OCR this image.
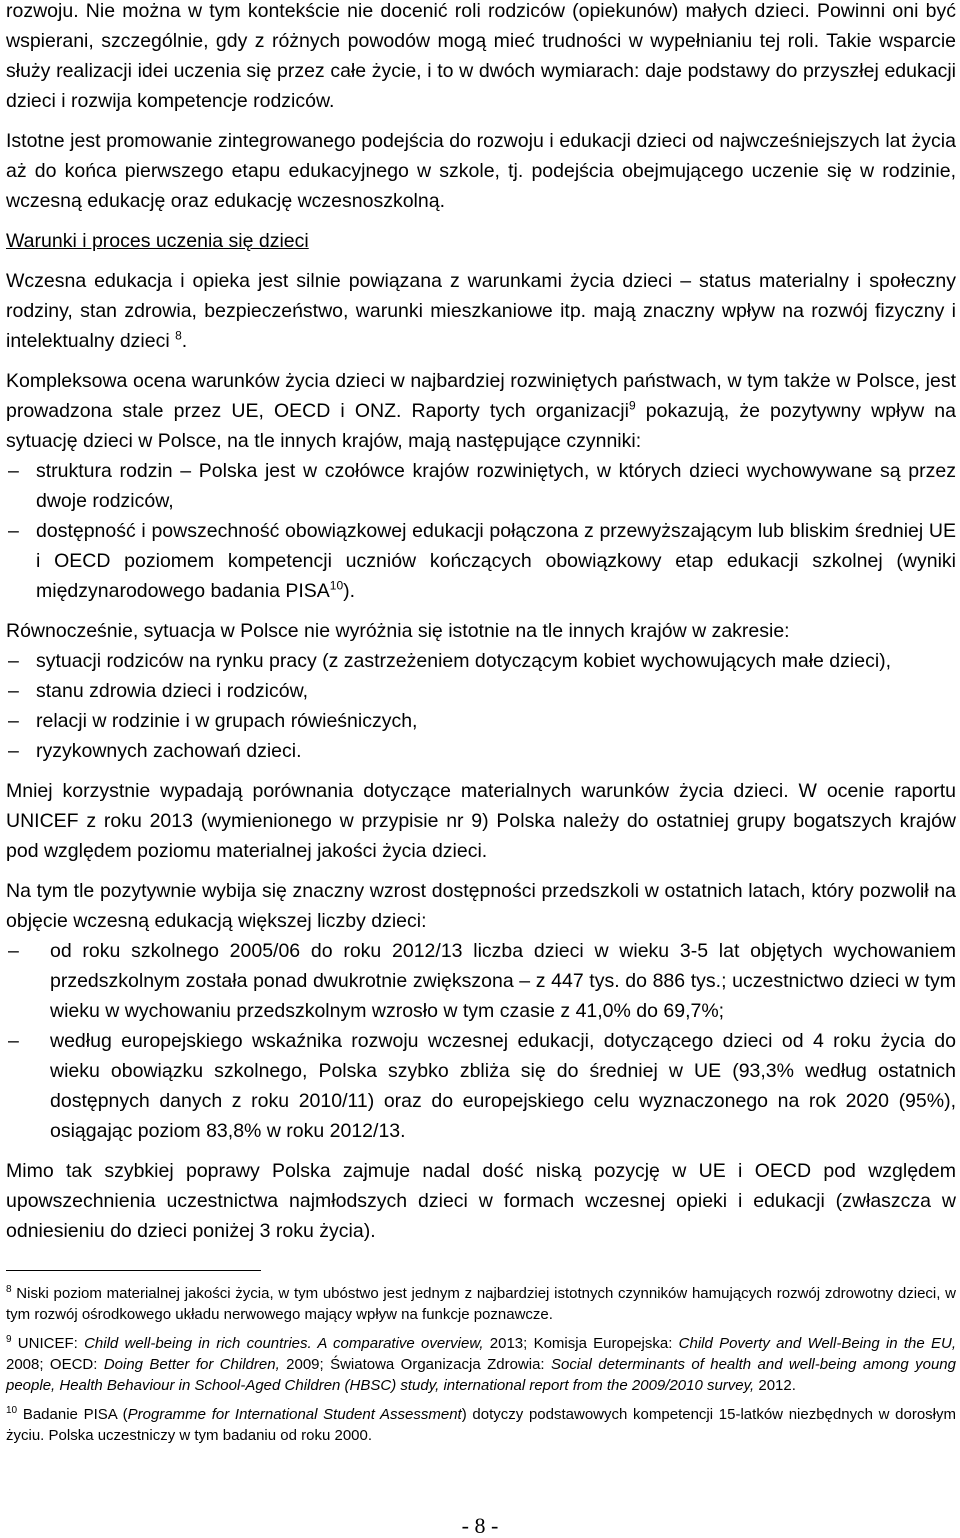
rozwoju. Nie można w tym kontekście nie docenić roli rodziców (opiekunów) małych dzieci. Powinni oni być wspierani, szczególnie, gdy z różnych powodów mogą mieć trudności w wypełnianiu tej roli. Takie wsparcie służy realizacji idei uczenia się przez całe życie, i to w dwóch wymiarach: daje podstawy do przyszłej edukacji dzieci i rozwija kompetencje rodziców.

Istotne jest promowanie zintegrowanego podejścia do rozwoju i edukacji dzieci od najwcześniejszych lat życia aż do końca pierwszego etapu edukacyjnego w szkole, tj. podejścia obejmującego uczenie się w rodzinie, wczesną edukację oraz edukację wczesnoszkolną.

Warunki i proces uczenia się dzieci

Wczesna edukacja i opieka jest silnie powiązana z warunkami życia dzieci – status materialny i społeczny rodziny, stan zdrowia, bezpieczeństwo, warunki mieszkaniowe itp. mają znaczny wpływ na rozwój fizyczny i intelektualny dzieci $^8$.

Kompleksowa ocena warunków życia dzieci w najbardziej rozwiniętych państwach, w tym także w Polsce, jest prowadzona stale przez UE, OECD i ONZ. Raporty tych organizacji$^9$ pokazują, że pozytywny wpływ na sytuację dzieci w Polsce, na tle innych krajów, mają następujące czynniki:

– struktura rodzin – Polska jest w czołówce krajów rozwiniętych, w których dzieci wychowywane są przez dwoje rodziców,
– dostępność i powszechność obowiązkowej edukacji połączona z przewyższającym lub bliskim średniej UE i OECD poziomem kompetencji uczniów kończących obowiązkowy etap edukacji szkolnej (wyniki międzynarodowego badania PISA$^{10}$).

Równocześnie, sytuacja w Polsce nie wyróżnia się istotnie na tle innych krajów w zakresie:

– sytuacji rodziców na rynku pracy (z zastrzeżeniem dotyczącym kobiet wychowujących małe dzieci),
– stanu zdrowia dzieci i rodziców,
– relacji w rodzinie i w grupach rówieśniczych,
– ryzykownych zachowań dzieci.

Mniej korzystnie wypadają porównania dotyczące materialnych warunków życia dzieci. W ocenie raportu UNICEF z roku 2013 (wymienionego w przypisie nr 9) Polska należy do ostatniej grupy bogatszych krajów pod względem poziomu materialnej jakości życia dzieci.

Na tym tle pozytywnie wybija się znaczny wzrost dostępności przedszkoli w ostatnich latach, który pozwolił na objęcie wczesną edukacją większej liczby dzieci:

– od roku szkolnego 2005/06 do roku 2012/13 liczba dzieci w wieku 3-5 lat objętych wychowaniem przedszkolnym została ponad dwukrotnie zwiększona – z 447 tys. do 886 tys.; uczestnictwo dzieci w tym wieku w wychowaniu przedszkolnym wzrosło w tym czasie z 41,0% do 69,7%;
– według europejskiego wskaźnika rozwoju wczesnej edukacji, dotyczącego dzieci od 4 roku życia do wieku obowiązku szkolnego, Polska szybko zbliża się do średniej w UE (93,3% według ostatnich dostępnych danych z roku 2010/11) oraz do europejskiego celu wyznaczonego na rok 2020 (95%), osiągając poziom 83,8% w roku 2012/13.

Mimo tak szybkiej poprawy Polska zajmuje nadal dość niską pozycję w UE i OECD pod względem upowszechnienia uczestnictwa najmłodszych dzieci w formach wczesnej opieki i edukacji (zwłaszcza w odniesieniu do dzieci poniżej 3 roku życia).

$^8$ Niski poziom materialnej jakości życia, w tym ubóstwo jest jednym z najbardziej istotnych czynników hamujących rozwój zdrowotny dzieci, w tym rozwój ośrodkowego układu nerwowego mający wpływ na funkcje poznawcze.

$^9$ UNICEF: Child well-being in rich countries. A comparative overview, 2013; Komisja Europejska: Child Poverty and Well-Being in the EU, 2008; OECD: Doing Better for Children, 2009; Światowa Organizacja Zdrowia: Social determinants of health and well-being among young people, Health Behaviour in School-Aged Children (HBSC) study, international report from the 2009/2010 survey, 2012.

$^{10}$ Badanie PISA (Programme for International Student Assessment) dotyczy podstawowych kompetencji 15-latków niezbędnych w dorosłym życiu. Polska uczestniczy w tym badaniu od roku 2000.

- 8 -
